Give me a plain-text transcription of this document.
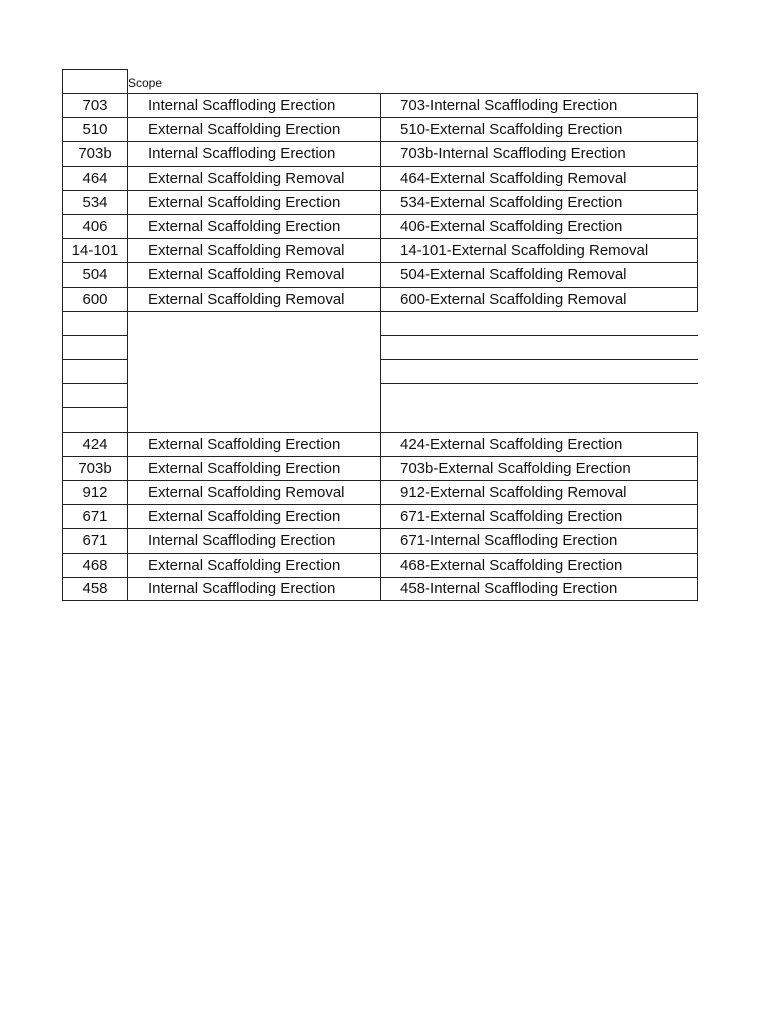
Scope
703	Internal Scaffloding Erection	703-Internal Scaffloding Erection
510	External Scaffolding Erection	510-External Scaffolding Erection
703b	Internal Scaffloding Erection	703b-Internal Scaffloding Erection
464	External Scaffolding Removal	464-External Scaffolding Removal
534	External Scaffolding Erection	534-External Scaffolding Erection
406	External Scaffolding Erection	406-External Scaffolding Erection
14-101	External Scaffolding Removal	14-101-External Scaffolding Removal
504	External Scaffolding Removal	504-External Scaffolding Removal
600	External Scaffolding Removal	600-External Scaffolding Removal
424	External Scaffolding Erection	424-External Scaffolding Erection
703b	External Scaffolding Erection	703b-External Scaffolding Erection
912	External Scaffolding Removal	912-External Scaffolding Removal
671	External Scaffolding Erection	671-External Scaffolding Erection
671	Internal Scaffloding Erection	671-Internal Scaffloding Erection
468	External Scaffolding Erection	468-External Scaffolding Erection
458	Internal Scaffloding Erection	458-Internal Scaffloding Erection
